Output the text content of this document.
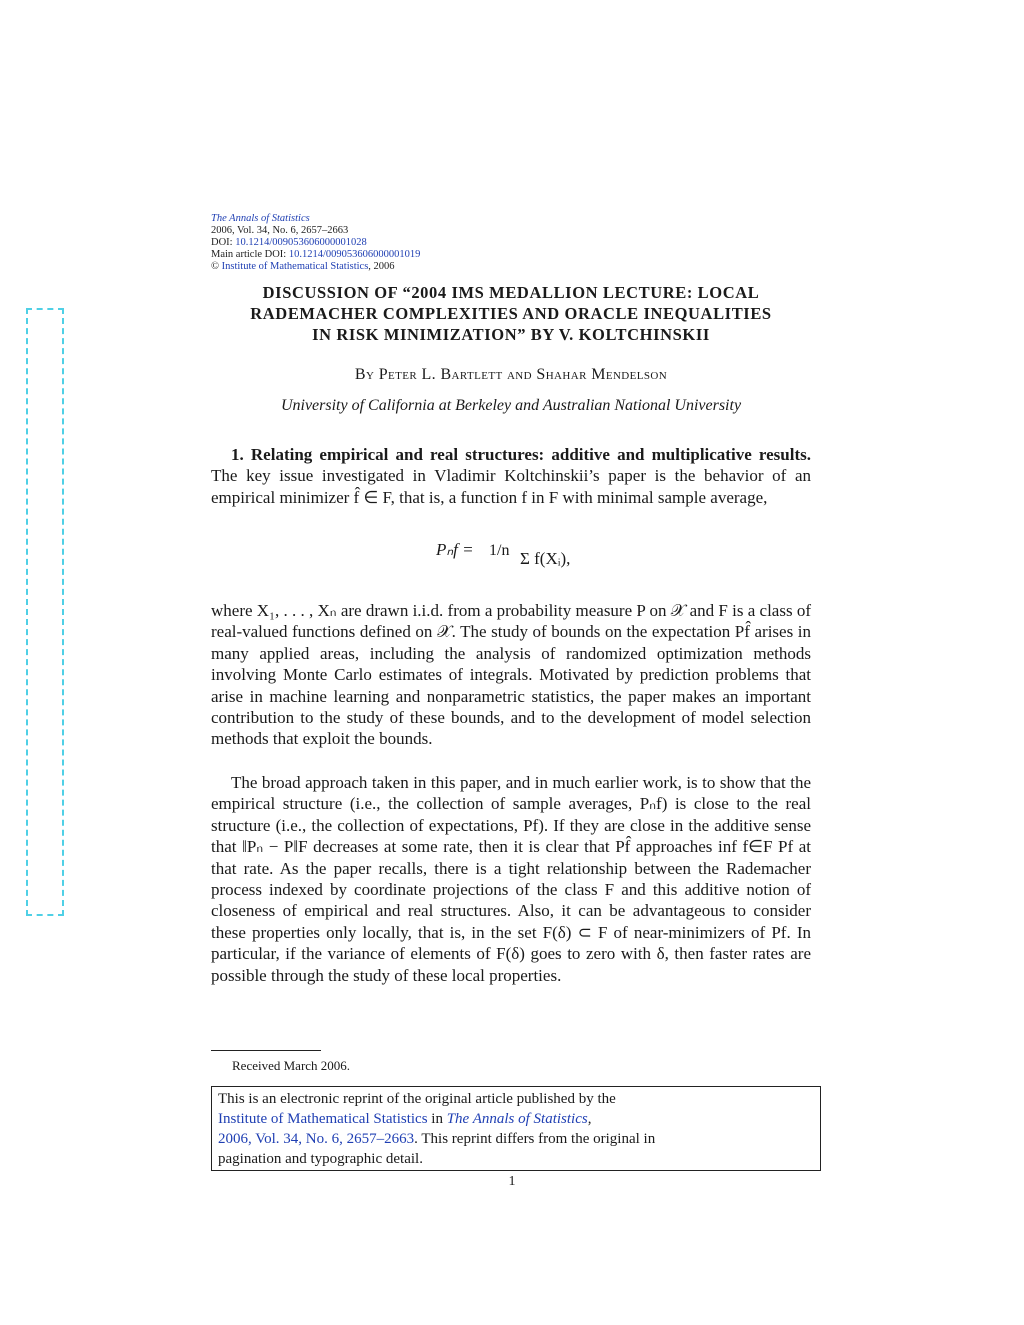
The Annals of Statistics
2006, Vol. 34, No. 6, 2657–2663
DOI: 10.1214/009053606000001028
Main article DOI: 10.1214/009053606000001019
© Institute of Mathematical Statistics, 2006
DISCUSSION OF “2004 IMS MEDALLION LECTURE: LOCAL
RADEMACHER COMPLEXITIES AND ORACLE INEQUALITIES
IN RISK MINIMIZATION” BY V. KOLTCHINSKII
By Peter L. Bartlett and Shahar Mendelson
University of California at Berkeley and Australian National University
1. Relating empirical and real structures: additive and multiplicative results. The key issue investigated in Vladimir Koltchinskii’s paper is the behavior of an empirical minimizer f̂ ∈ F, that is, a function f in F with minimal sample average,
Pₙf = 1/n Σ f(Xᵢ),
where X₁, . . . , Xₙ are drawn i.i.d. from a probability measure P on 𝒳 and F is a class of real-valued functions defined on 𝒳. The study of bounds on the expectation Pf̂ arises in many applied areas, including the analysis of randomized optimization methods involving Monte Carlo estimates of integrals. Motivated by prediction problems that arise in machine learning and nonparametric statistics, the paper makes an important contribution to the study of these bounds, and to the development of model selection methods that exploit the bounds.
The broad approach taken in this paper, and in much earlier work, is to show that the empirical structure (i.e., the collection of sample averages, Pₙf) is close to the real structure (i.e., the collection of expectations, Pf). If they are close in the additive sense that ‖Pₙ − P‖F decreases at some rate, then it is clear that Pf̂ approaches inf f∈F Pf at that rate. As the paper recalls, there is a tight relationship between the Rademacher process indexed by coordinate projections of the class F and this additive notion of closeness of empirical and real structures. Also, it can be advantageous to consider these properties only locally, that is, in the set F(δ) ⊂ F of near-minimizers of Pf. In particular, if the variance of elements of F(δ) goes to zero with δ, then faster rates are possible through the study of these local properties.
Received March 2006.
This is an electronic reprint of the original article published by the
Institute of Mathematical Statistics in The Annals of Statistics,
2006, Vol. 34, No. 6, 2657–2663. This reprint differs from the original in
pagination and typographic detail.
1
